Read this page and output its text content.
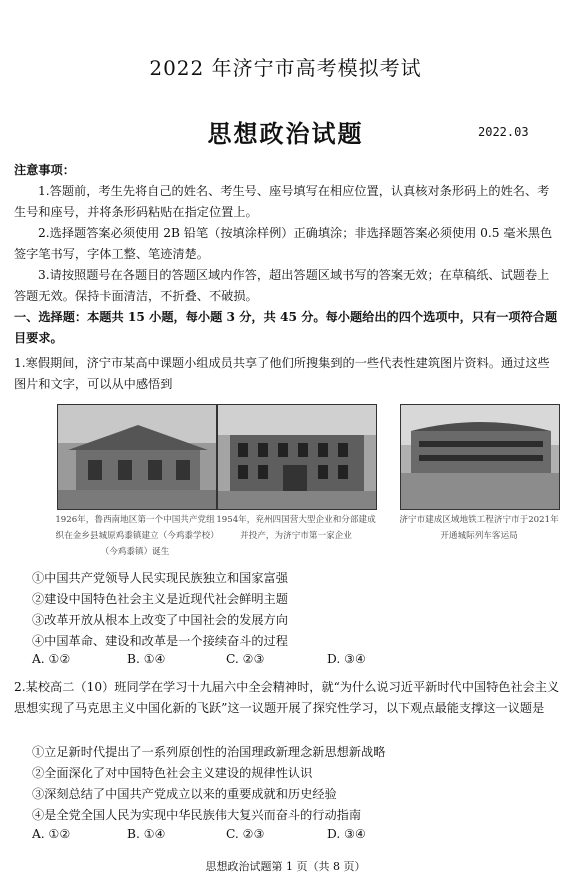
2022 年济宁市高考模拟考试
思想政治试题	2022.03

注意事项：

1.答题前，考生先将自己的姓名、考生号、座号填写在相应位置，认真核对条形码上的姓名、考生号和座号，并将条形码粘贴在指定位置上。

2.选择题答案必须使用 2B 铅笔（按填涂样例）正确填涂；非选择题答案必须使用 0.5 毫米黑色签字笔书写，字体工整、笔迹清楚。

3.请按照题号在各题目的答题区域内作答，超出答题区域书写的答案无效；在草稿纸、试题卷上答题无效。保持卡面清洁，不折叠、不破损。

一、选择题：本题共 15 小题，每小题 3 分，共 45 分。每小题给出的四个选项中，只有一项符合题目要求。

1.寒假期间，济宁市某高中课题小组成员共享了他们所搜集到的一些代表性建筑图片资料。通过这些图片和文字，可以从中感悟到

1926年，鲁西南地区第一个中国共产党组织在金乡县城原鸡黍镇建立（今鸡黍学校）（今鸡黍镇）诞生

1954年，兖州四国营大型企业和分部建成并投产，为济宁市第一家企业

济宁市建成区域地铁工程济宁市于2021年开通城际列车客运局

①中国共产党领导人民实现民族独立和国家富强

②建设中国特色社会主义是近现代社会鲜明主题

③改革开放从根本上改变了中国社会的发展方向

④中国革命、建设和改革是一个接续奋斗的过程

A. ①②	B. ①④	C. ②③	D. ③④

2.某校高二（10）班同学在学习十九届六中全会精神时，就“为什么说习近平新时代中国特色社会主义思想实现了马克思主义中国化新的飞跃”这一议题开展了探究性学习，以下观点最能支撑这一议题是

①立足新时代提出了一系列原创性的治国理政新理念新思想新战略

②全面深化了对中国特色社会主义建设的规律性认识

③深刻总结了中国共产党成立以来的重要成就和历史经验

④是全党全国人民为实现中华民族伟大复兴而奋斗的行动指南

A. ①②	B. ①④	C. ②③	D. ③④
思想政治试题第 1 页（共 8 页）
